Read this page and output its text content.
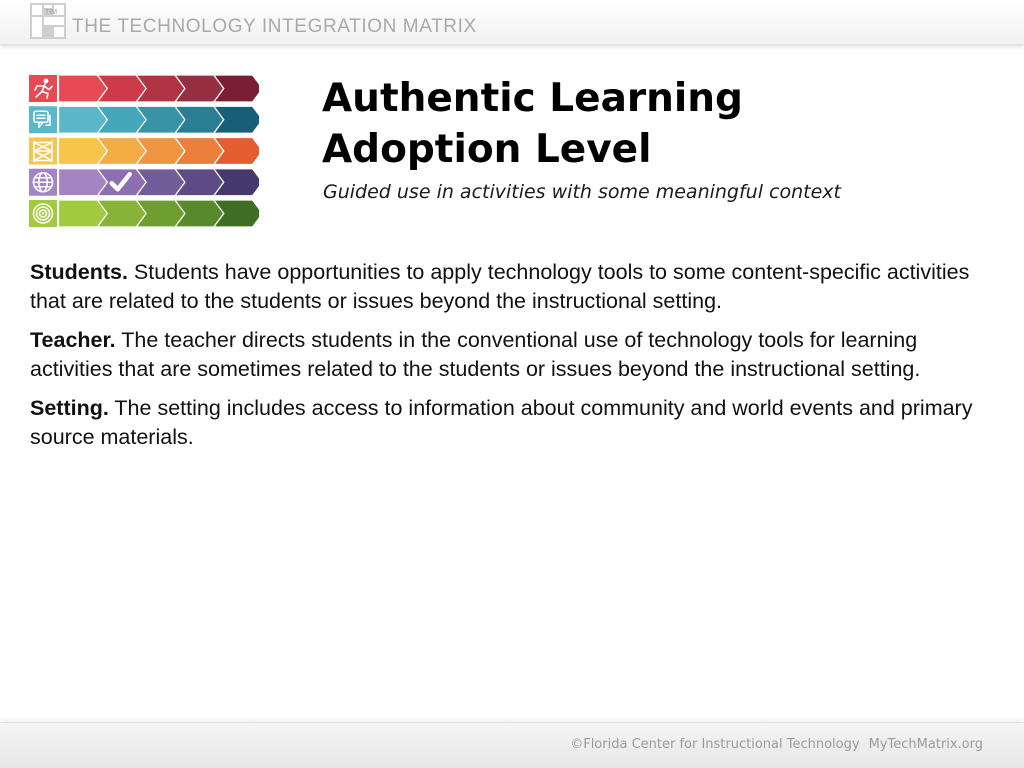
TIM
THE TECHNOLOGY INTEGRATION MATRIX
Authentic Learning
Adoption Level
Guided use in activities with some meaningful context

Students. Students have opportunities to apply technology tools to some content-specific activities that are related to the students or issues beyond the instructional setting.

Teacher. The teacher directs students in the conventional use of technology tools for learning activities that are sometimes related to the students or issues beyond the instructional setting.

Setting. The setting includes access to information about community and world events and primary source materials.

©Florida Center for Instructional Technology MyTechMatrix.org
